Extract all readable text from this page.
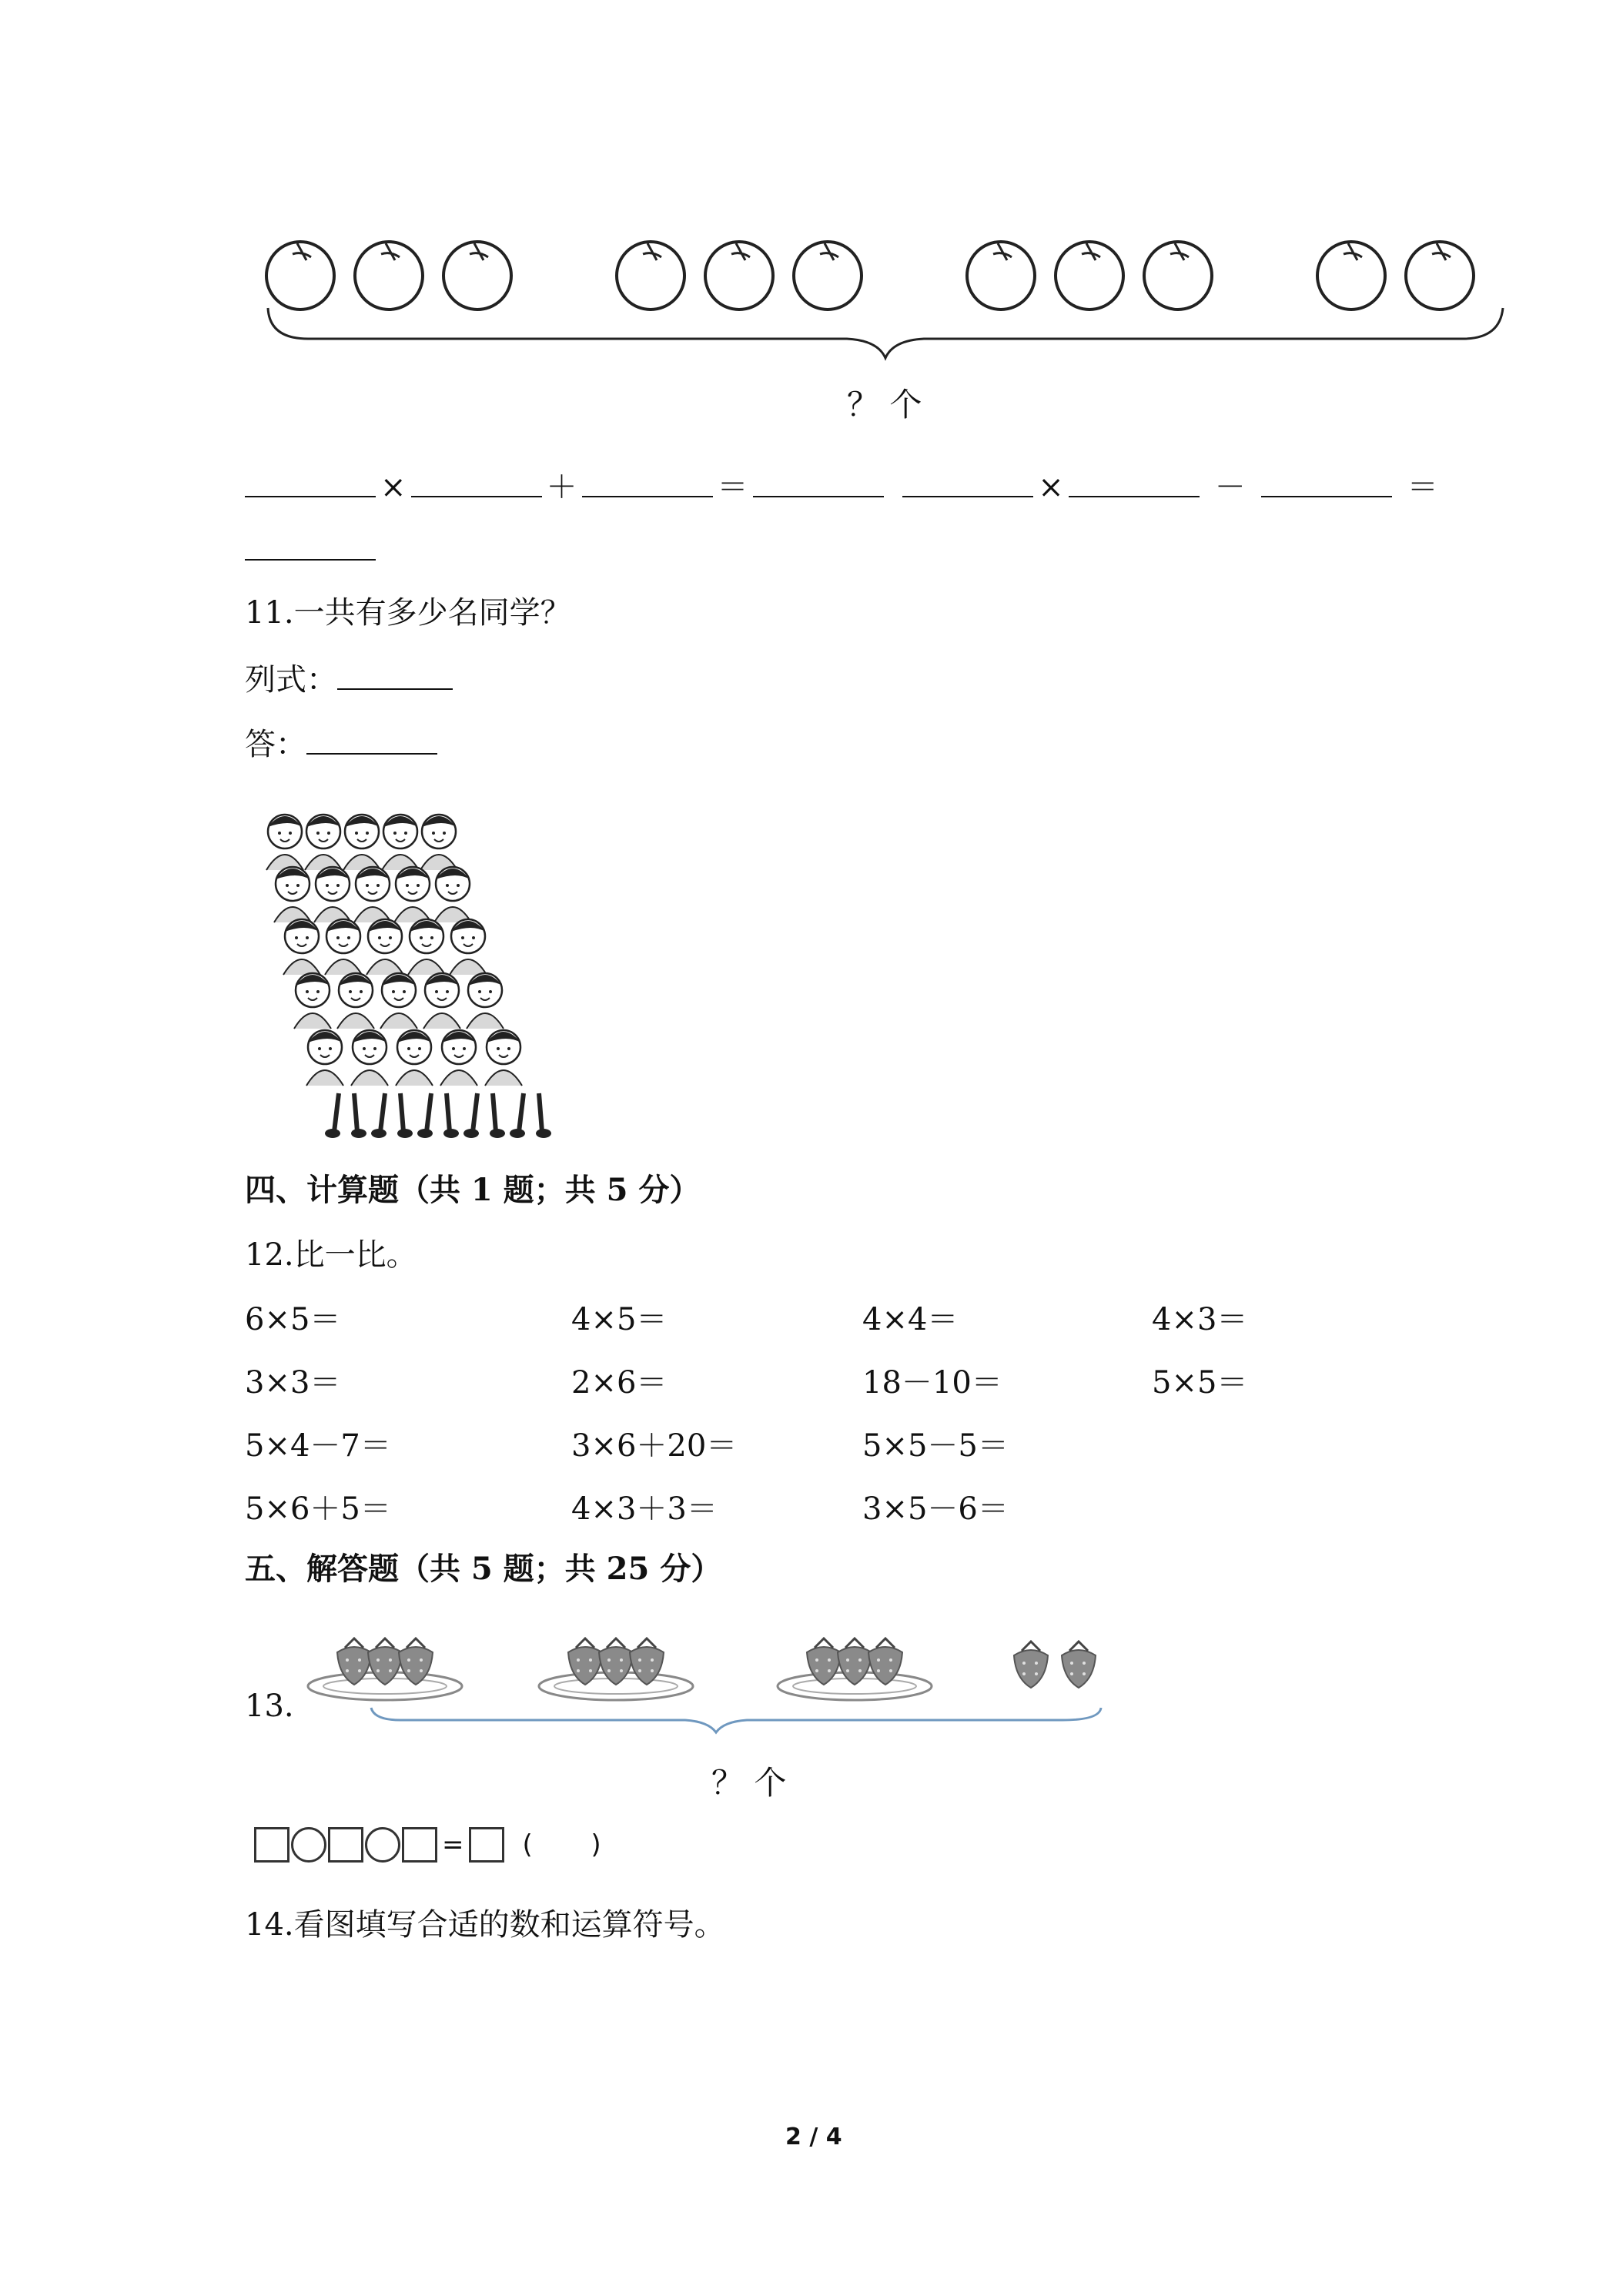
？ 个
×	＋	＝	×	－	＝
11.一共有多少名同学？
列式：
答：
四、计算题（共 1 题；共 5 分）
12.比一比。
6×5＝	4×5＝	4×4＝	4×3＝
3×3＝	2×6＝	18－10＝	5×5＝
5×4－7＝	3×6＋20＝	5×5－5＝
5×6＋5＝	4×3＋3＝	3×5－6＝
五、解答题（共 5 题；共 25 分）
13.
？ 个
= (       )
14.看图填写合适的数和运算符号。
2 / 4
